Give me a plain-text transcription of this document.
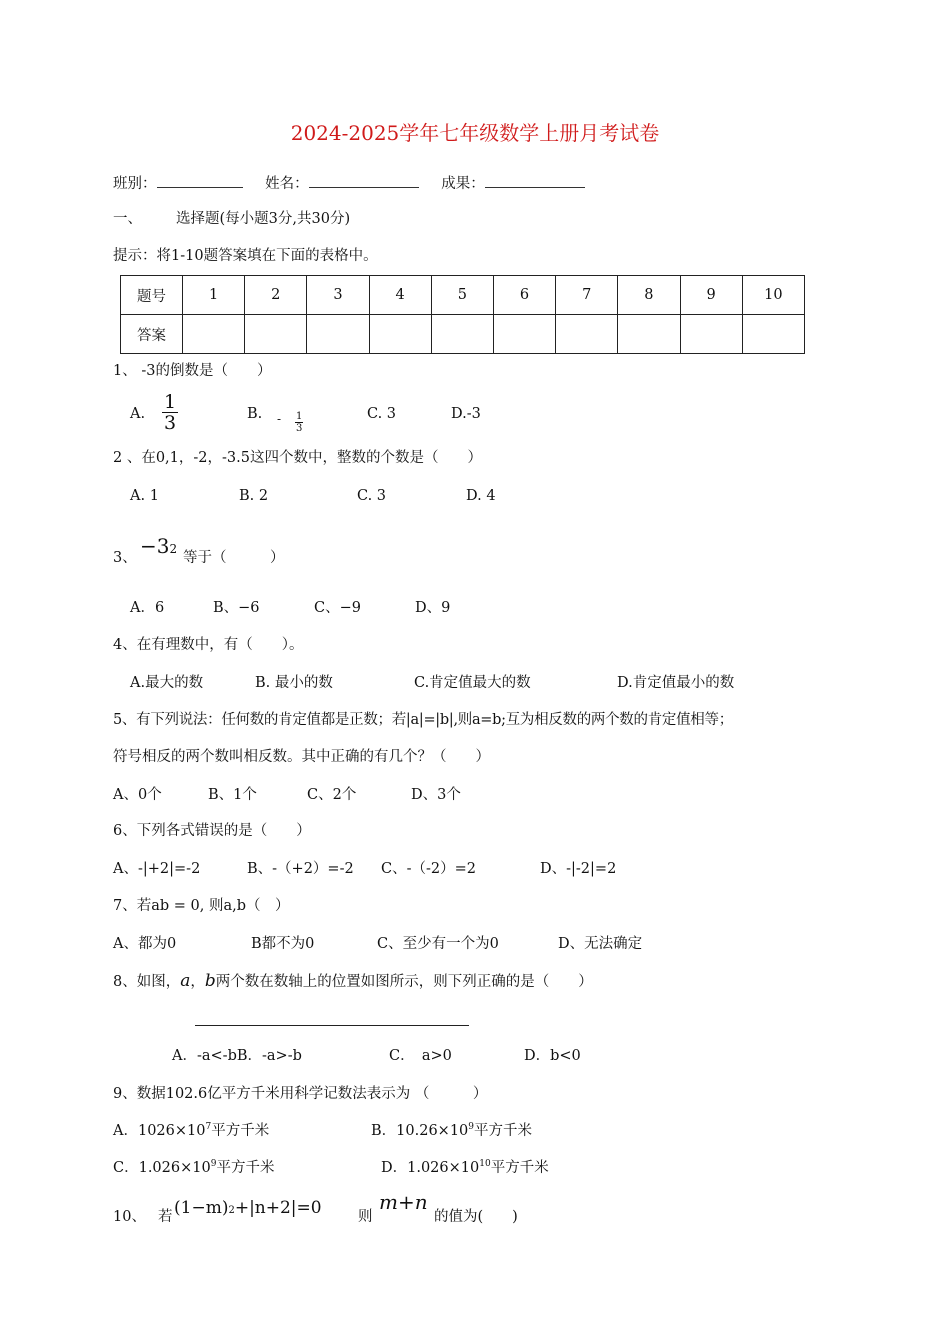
2024-2025学年七年级数学上册月考试卷
班别：	姓名：	成果：
一、 选择题(每小题3分,共30分)
提示：将1-10题答案填在下面的表格中。
题号	1	2	3	4	5	6	7	8	9	10
答案										
1、 -3的倒数是（　　）
A. $\frac{1}{3}$	B. - $\frac{1}{3}$	C. 3	D.-3
2 、在0,1，-2，-3.5这四个数中，整数的个数是（　　）
A. 1	B. 2	C. 3	D. 4
3、 −32
等于（　　　）
A．6	B、−6	C、−9	D、9
4、在有理数中，有（　　）。
A.最大的数	B. 最小的数	C.肯定值最大的数	D.肯定值最小的数
5、有下列说法：任何数的肯定值都是正数；若|a|=|b|,则a=b;互为相反数的两个数的肯定值相等；
符号相反的两个数叫相反数。其中正确的有几个？（　　）
A、0个	B、1个	C、2个	D、3个
6、下列各式错误的是（　　）
A、-|+2|=-2	B、-（+2）=-2 C、-（-2）=2	D、-|-2|=2
7、若ab = 0, 则a,b（　）
A、都为0	B都不为0	C、至少有一个为0	D、无法确定
8、如图，a，b两个数在数轴上的位置如图所示，则下列正确的是（　　）
A．-a<-bB．-a>-b	C．　a>0	D．b<0
9、数据102.6亿平方千米用科学记数法表示为 （　　　）
A．$1026\times 10^7$平方千米	B．$10.26\times 10^9$平方千米
C．$1.026\times 10^9$平方千米	D．$1.026\times 10^{10}$平方千米
10、 若 (1−m)2+|n+2|=0	则
m+n
的值为(　　)
